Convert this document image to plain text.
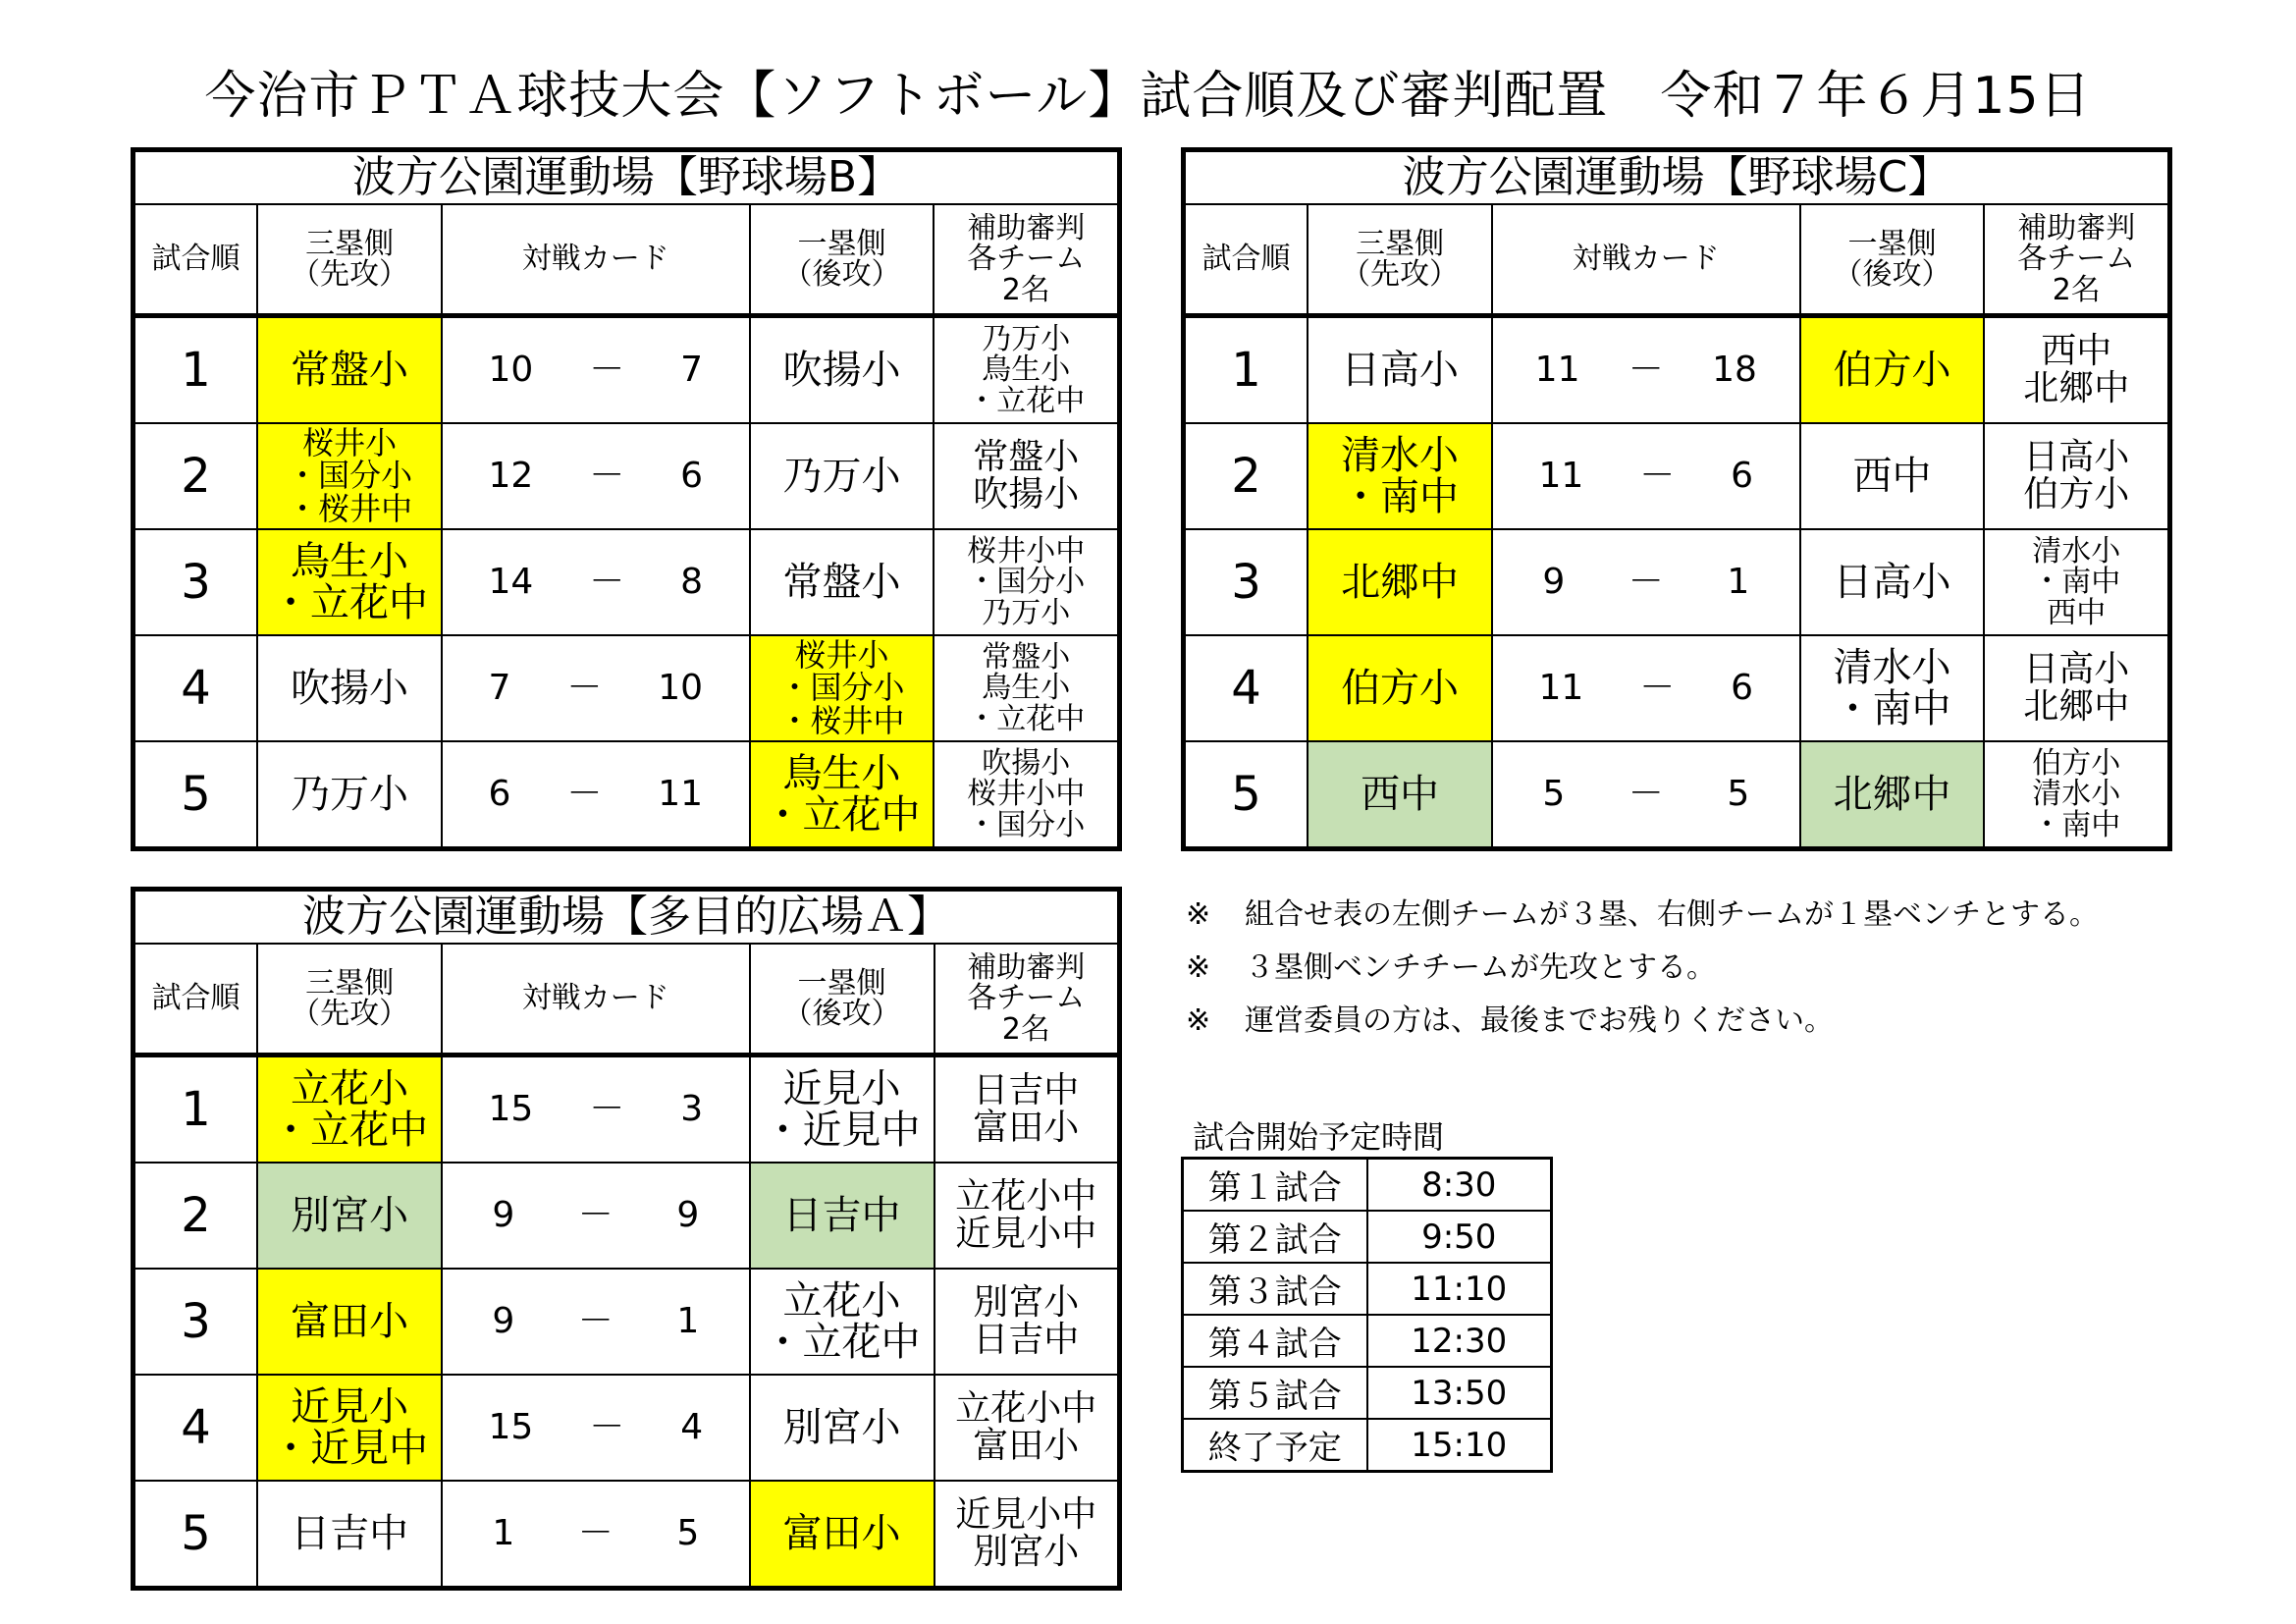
今治市ＰＴＡ球技大会【ソフトボール】試合順及び審判配置　令和７年６月15日
波方公園運動場【野球場B】				
試合順	三塁側
（先攻）	対戦カード	一塁側
（後攻）	補助審判
各チーム
2名
1	常盤小	10 － 7	吹揚小	乃万小
鳥生小
・立花中
2	桜井小
・国分小
・桜井中	12 － 6	乃万小	常盤小
吹揚小
3	鳥生小
・立花中	14 － 8	常盤小	桜井小中
・国分小
乃万小
4	吹揚小	7 － 10	桜井小
・国分小
・桜井中	常盤小
鳥生小
・立花中
5	乃万小	6 － 11	鳥生小
・立花中	吹揚小
桜井小中
・国分小
波方公園運動場【野球場C】				
試合順	三塁側
（先攻）	対戦カード	一塁側
（後攻）	補助審判
各チーム
2名
1	日高小	11 － 18	伯方小	西中
北郷中
2	清水小
・南中	11 － 6	西中	日高小
伯方小
3	北郷中	9 － 1	日高小	清水小
・南中
西中
4	伯方小	11 － 6	清水小
・南中	日高小
北郷中
5	西中	5 － 5	北郷中	伯方小
清水小
・南中
波方公園運動場【多目的広場Ａ】				
試合順	三塁側
（先攻）	対戦カード	一塁側
（後攻）	補助審判
各チーム
2名
1	立花小
・立花中	15 － 3	近見小
・近見中	日吉中
富田小
2	別宮小	9 － 9	日吉中	立花小中
近見小中
3	富田小	9 － 1	立花小
・立花中	別宮小
日吉中
4	近見小
・近見中	15 － 4	別宮小	立花小中
富田小
5	日吉中	1 － 5	富田小	近見小中
別宮小
※ 組合せ表の左側チームが３塁、右側チームが１塁ベンチとする。
※ ３塁側ベンチチームが先攻とする。
※ 運営委員の方は、最後までお残りください。
試合開始予定時間
第１試合	8:30
第２試合	9:50
第３試合	11:10
第４試合	12:30
第５試合	13:50
終了予定	15:10
